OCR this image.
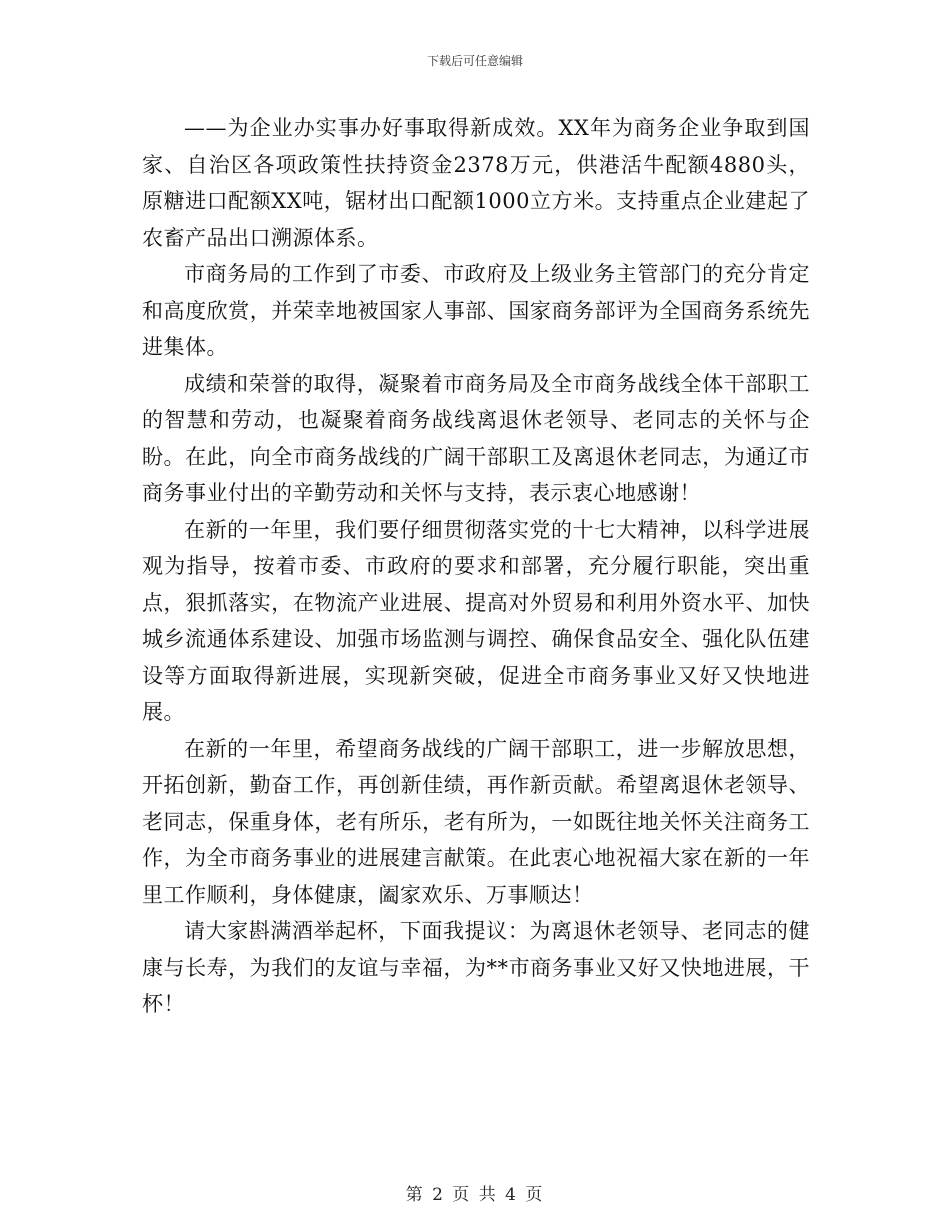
下载后可任意编辑

——为企业办实事办好事取得新成效。XX年为商务企业争取到国家、自治区各项政策性扶持资金2378万元，供港活牛配额4880头，原糖进口配额XX吨，锯材出口配额1000立方米。支持重点企业建起了农畜产品出口溯源体系。

市商务局的工作到了市委、市政府及上级业务主管部门的充分肯定和高度欣赏，并荣幸地被国家人事部、国家商务部评为全国商务系统先进集体。

成绩和荣誉的取得，凝聚着市商务局及全市商务战线全体干部职工的智慧和劳动，也凝聚着商务战线离退休老领导、老同志的关怀与企盼。在此，向全市商务战线的广阔干部职工及离退休老同志，为通辽市商务事业付出的辛勤劳动和关怀与支持，表示衷心地感谢！

在新的一年里，我们要仔细贯彻落实党的十七大精神，以科学进展观为指导，按着市委、市政府的要求和部署，充分履行职能，突出重点，狠抓落实，在物流产业进展、提高对外贸易和利用外资水平、加快城乡流通体系建设、加强市场监测与调控、确保食品安全、强化队伍建设等方面取得新进展，实现新突破，促进全市商务事业又好又快地进展。

在新的一年里，希望商务战线的广阔干部职工，进一步解放思想，开拓创新，勤奋工作，再创新佳绩，再作新贡献。希望离退休老领导、老同志，保重身体，老有所乐，老有所为，一如既往地关怀关注商务工作，为全市商务事业的进展建言献策。在此衷心地祝福大家在新的一年里工作顺利，身体健康，阖家欢乐、万事顺达！

请大家斟满酒举起杯，下面我提议：为离退休老领导、老同志的健康与长寿，为我们的友谊与幸福，为**市商务事业又好又快地进展，干杯！

第 2 页 共 4 页
